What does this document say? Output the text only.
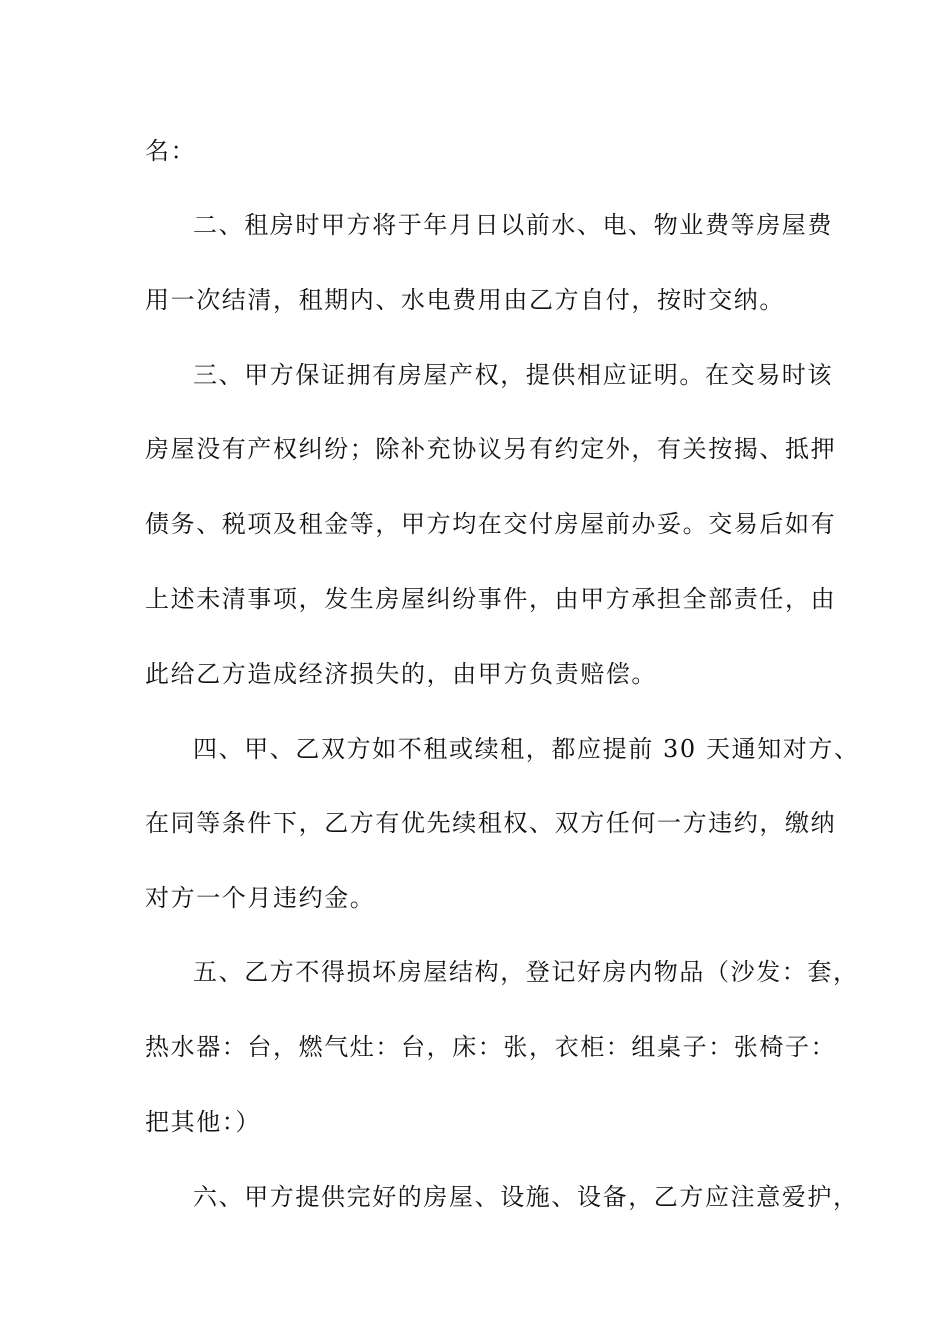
名：
二、租房时甲方将于年月日以前水、电、物业费等房屋费
用一次结清，租期内、水电费用由乙方自付，按时交纳。
三、甲方保证拥有房屋产权，提供相应证明。在交易时该
房屋没有产权纠纷；除补充协议另有约定外，有关按揭、抵押
债务、税项及租金等，甲方均在交付房屋前办妥。交易后如有
上述未清事项，发生房屋纠纷事件，由甲方承担全部责任，由
此给乙方造成经济损失的，由甲方负责赔偿。
四、甲、乙双方如不租或续租，都应提前 30 天通知对方、
在同等条件下，乙方有优先续租权、双方任何一方违约，缴纳
对方一个月违约金。
五、乙方不得损坏房屋结构，登记好房内物品（沙发：套，
热水器：台，燃气灶：台，床：张，衣柜：组桌子：张椅子：
把其他：）
六、甲方提供完好的房屋、设施、设备，乙方应注意爱护，
